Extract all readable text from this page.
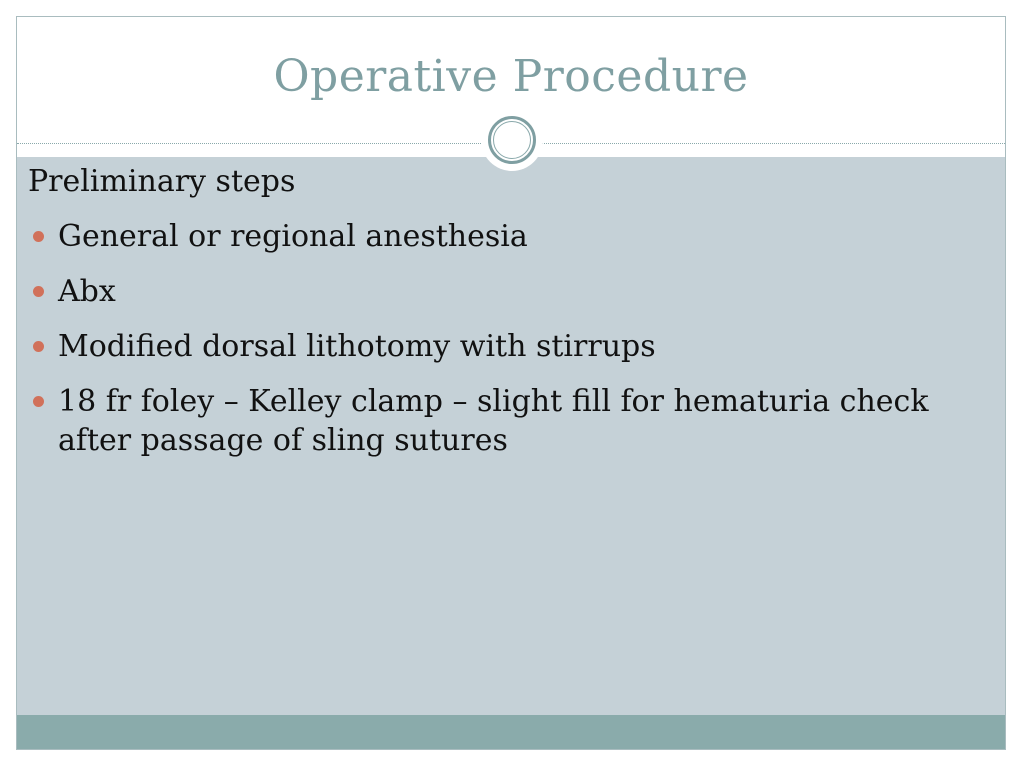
Operative Procedure

Preliminary steps

General or regional anesthesia
Abx
Modified dorsal lithotomy with stirrups
18 fr foley – Kelley clamp – slight fill for hematuria check after passage of sling sutures
